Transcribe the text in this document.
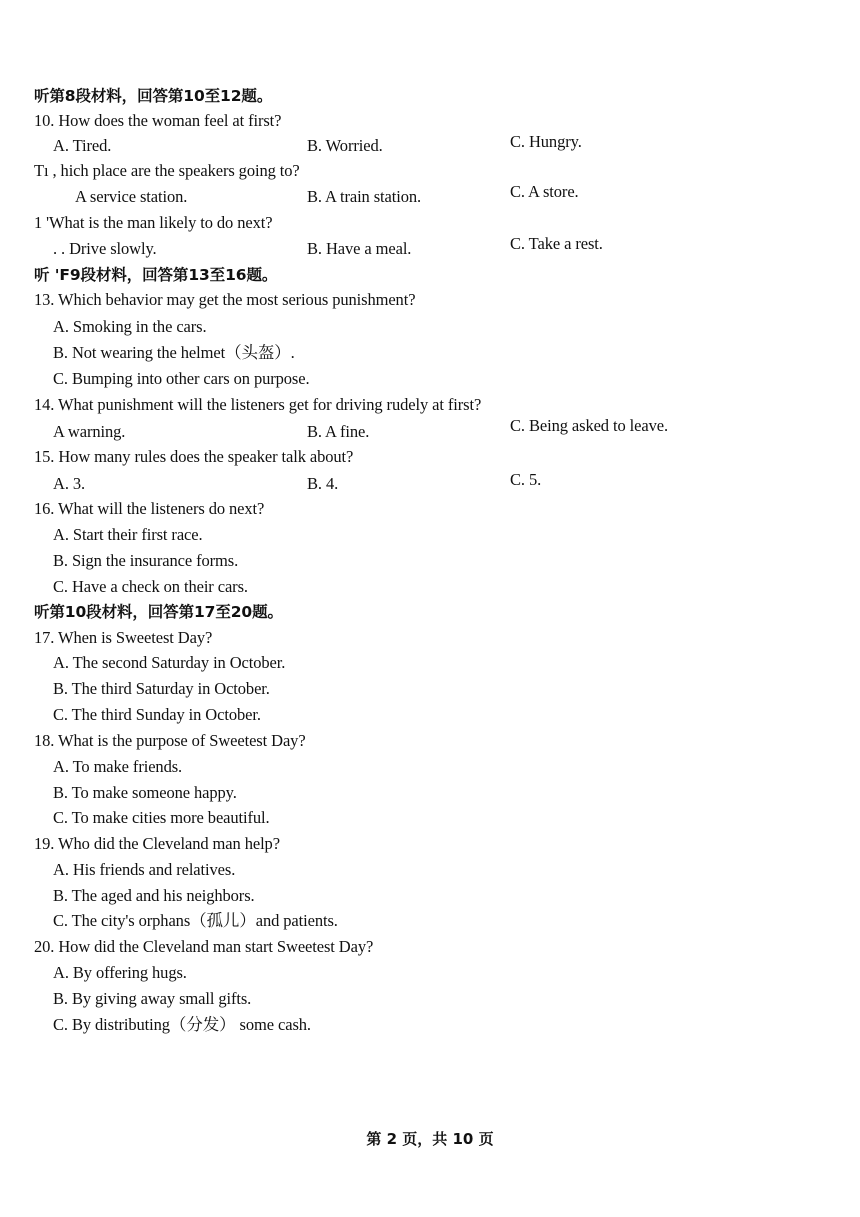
听第8段材料，回答第10至12题。
10. How does the woman feel at first?
A. Tired.	B. Worried.	C. Hungry.
Tı , hich place are the speakers going to?
A service station.	B. A train station.	C. A store.
1 'What is the man likely to do next?
. . Drive slowly.	B. Have a meal.	C. Take a rest.
听 'F9段材料，回答第13至16题。
13. Which behavior may get the most serious punishment?
A. Smoking in the cars.
B. Not wearing the helmet（头盔）.
C. Bumping into other cars on purpose.
14. What punishment will the listeners get for driving rudely at first?
A warning.	B. A fine.	C. Being asked to leave.
15. How many rules does the speaker talk about?
A. 3.	B. 4.	C. 5.
16. What will the listeners do next?
A. Start their first race.
B. Sign the insurance forms.
C. Have a check on their cars.
听第10段材料，回答第17至20题。
17. When is Sweetest Day?
A. The second Saturday in October.
B. The third Saturday in October.
C. The third Sunday in October.
18. What is the purpose of Sweetest Day?
A. To make friends.
B. To make someone happy.
C. To make cities more beautiful.
19. Who did the Cleveland man help?
A. His friends and relatives.
B. The aged and his neighbors.
C. The city's orphans（孤儿）and patients.
20. How did the Cleveland man start Sweetest Day?
A. By offering hugs.
B. By giving away small gifts.
C. By distributing（分发） some cash.
第 2 页，共 10 页
